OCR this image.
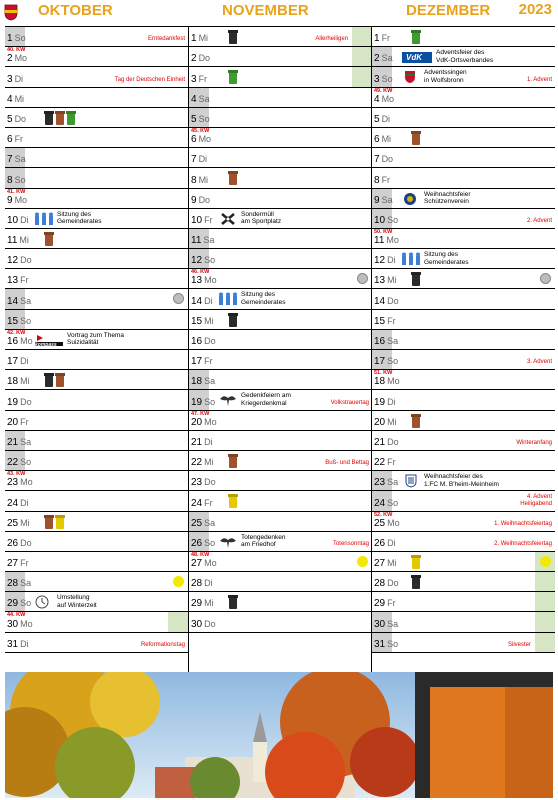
OKTOBER	NOVEMBER	DEZEMBER 2023
1 So	Erntedankfest
40. KW
2 Mo
3 Di	Tag der Deutschen Einheit
4 Mi
5 Do
6 Fr
7 Sa
8 So
41. KW
9 Mo
10 Di
Sitzung des
Gemeinderates
11 Mi
12 Do
13 Fr
14 Sa
15 So
42. KW
16 Mo kompass
Vortrag zum Thema
Suizidalität
17 Di
18 Mi
19 Do
20 Fr
21 Sa
22 So
43. KW
23 Mo
24 Di
25 Mi
26 Do
27 Fr
28 Sa
29 So
Umstellung
auf Winterzeit
44. KW
30 Mo
31 Di	Reformationstag
1 Mi	Allerheiligen
2 Do
3 Fr
4 Sa
5 So
45. KW
6 Mo
7 Di
8 Mi
9 Do
10 Fr
Sondermüll
am Sportplatz
11 Sa
12 So
46. KW
13 Mo
14 Di
Sitzung des
Gemeinderates
15 Mi
16 Do
17 Fr
18 Sa
19 So
Gedenkfeiern am
Kriegerdenkmal	Volkstrauertag
47. KW
20 Mo
21 Di
22 Mi	Buß- und Bettag
23 Do
24 Fr
25 Sa
26 So
Totengedenken
am Friedhof	Totensonntag
48. KW
27 Mo
28 Di
29 Mi
30 Do
1 Fr
2 Sa VdK
Adventsfeier des
VdK-Ortsverbandes
3 So
Adventssingen
in Wolfsbronn	1. Advent
49. KW
4 Mo
5 Di
6 Mi
7 Do
8 Fr
9 Sa
Weihnachtsfeier
Schützenverein
10 So	2. Advent
50. KW
11 Mo
12 Di
Sitzung des
Gemeinderates
13 Mi
14 Do
15 Fr
16 Sa
17 So	3. Advent
51. KW
18 Mo
19 Di
20 Mi
21 Do	Winteranfang
22 Fr
23 Sa
Weihnachtsfeier des
1.FC M. B'heim-Meinheim
24 So
4. Advent
Heiligabend
52. KW
25 Mo	1. Weihnachtsfeiertag
26 Di	2. Weihnachtsfeiertag
27 Mi
28 Do
29 Fr
30 Sa
31 So	Silvester
